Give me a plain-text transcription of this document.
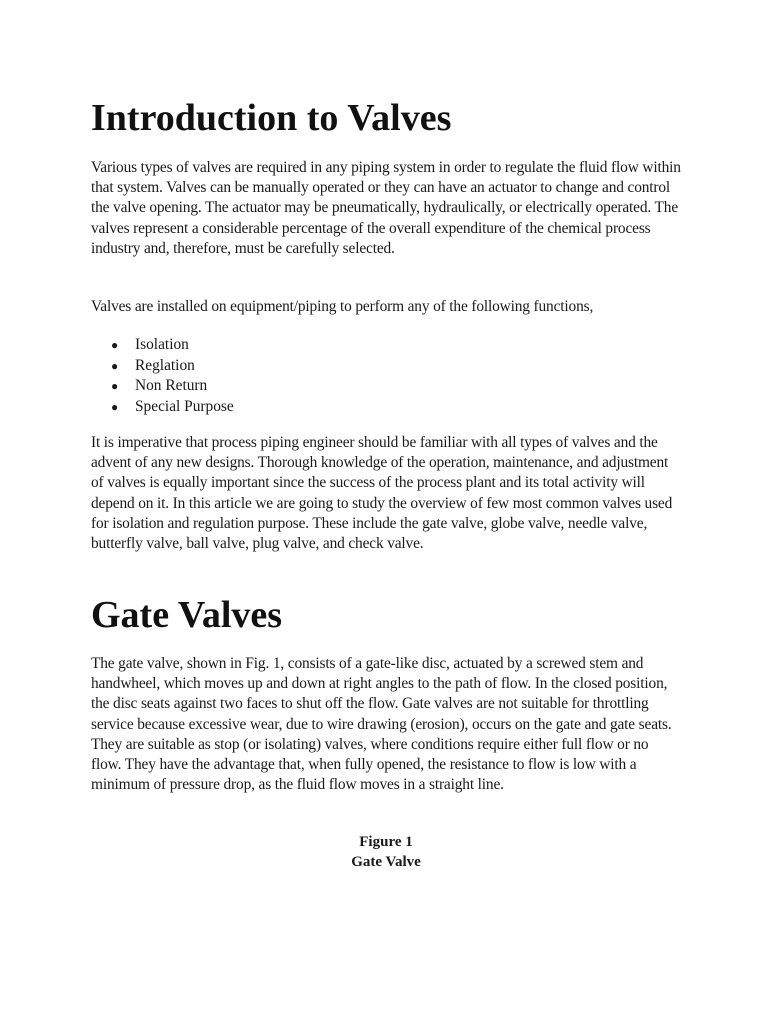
Introduction to Valves

Various types of valves are required in any piping system in order to regulate the fluid flow within that system. Valves can be manually operated or they can have an actuator to change and control the valve opening. The actuator may be pneumatically, hydraulically, or electrically operated. The valves represent a considerable percentage of the overall expenditure of the chemical process industry and, therefore, must be carefully selected.

Valves are installed on equipment/piping to perform any of the following functions,

● Isolation
● Reglation
● Non Return
● Special Purpose

It is imperative that process piping engineer should be familiar with all types of valves and the advent of any new designs. Thorough knowledge of the operation, maintenance, and adjustment of valves is equally important since the success of the process plant and its total activity will depend on it. In this article we are going to study the overview of few most common valves used for isolation and regulation purpose. These include the gate valve, globe valve, needle valve, butterfly valve, ball valve, plug valve, and check valve.

Gate Valves

The gate valve, shown in Fig. 1, consists of a gate-like disc, actuated by a screwed stem and handwheel, which moves up and down at right angles to the path of flow. In the closed position, the disc seats against two faces to shut off the flow. Gate valves are not suitable for throttling service because excessive wear, due to wire drawing (erosion), occurs on the gate and gate seats. They are suitable as stop (or isolating) valves, where conditions require either full flow or no flow. They have the advantage that, when fully opened, the resistance to flow is low with a minimum of pressure drop, as the fluid flow moves in a straight line.

Figure 1
Gate Valve
